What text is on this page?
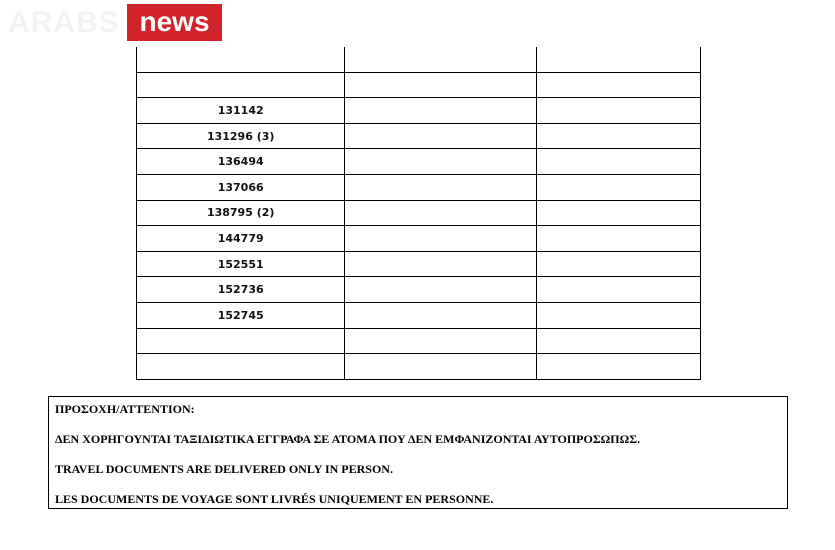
ARABS news

131142		
131296 (3)		
136494		
137066		
138795 (2)		
144779		
152551		
152736		
152745		

ΠΡΟΣΟΧΗ/ATTENTION:

ΔΕΝ ΧΟΡΗΓΟΥΝΤΑΙ ΤΑΞΙΔΙΩΤΙΚΑ ΕΓΓΡΑΦΑ ΣΕ ΑΤΟΜΑ ΠΟΥ ΔΕΝ ΕΜΦΑΝΙΖΟΝΤΑΙ ΑΥΤΟΠΡΟΣΩΠΩΣ.

TRAVEL DOCUMENTS ARE DELIVERED ONLY IN PERSON.

LES DOCUMENTS DE VOYAGE SONT LIVRÉS UNIQUEMENT EN PERSONNE.
